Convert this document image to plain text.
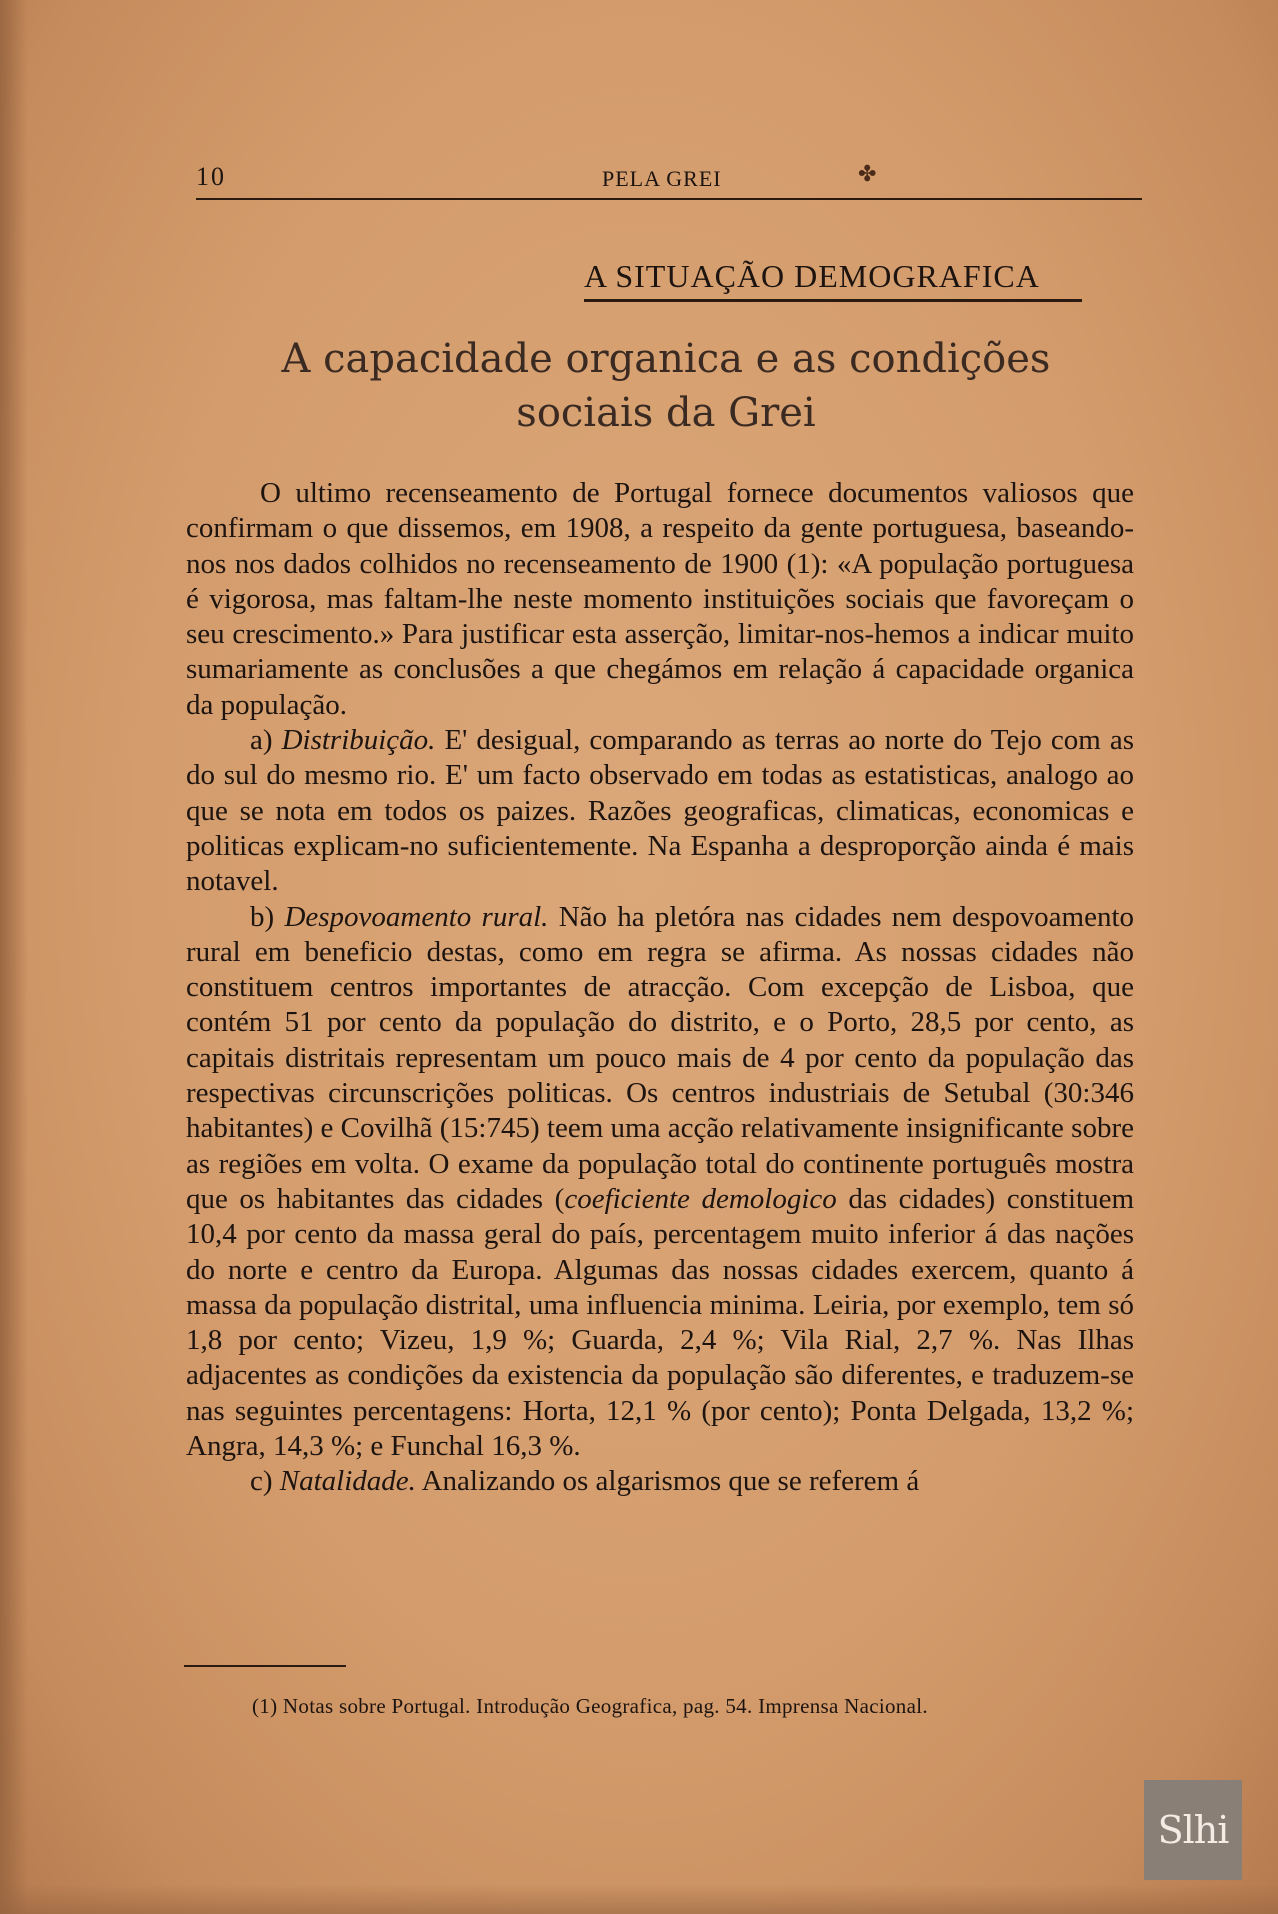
10	PELA GREI	✤
A SITUAÇÃO DEMOGRAFICA
A capacidade organica e as condições
sociais da Grei

O ultimo recenseamento de Portugal fornece documentos valiosos que confirmam o que dissemos, em 1908, a respeito da gente portuguesa, baseando-nos nos dados colhidos no recenseamento de 1900 (1): «A população portuguesa é vigorosa, mas faltam-lhe neste momento instituições sociais que favoreçam o seu crescimento.» Para justificar esta asserção, limitar-nos-hemos a indicar muito sumariamente as conclusões a que chegámos em relação á capacidade organica da população.

a) Distribuição. E' desigual, comparando as terras ao norte do Tejo com as do sul do mesmo rio. E' um facto observado em todas as estatisticas, analogo ao que se nota em todos os paizes. Razões geograficas, climaticas, economicas e politicas explicam-no suficientemente. Na Espanha a desproporção ainda é mais notavel.

b) Despovoamento rural. Não ha pletóra nas cidades nem despovoamento rural em beneficio destas, como em regra se afirma. As nossas cidades não constituem centros importantes de atracção. Com excepção de Lisboa, que contém 51 por cento da população do distrito, e o Porto, 28,5 por cento, as capitais distritais representam um pouco mais de 4 por cento da população das respectivas circunscrições politicas. Os centros industriais de Setubal (30:346 habitantes) e Covilhã (15:745) teem uma acção relativamente insignificante sobre as regiões em volta. O exame da população total do continente português mostra que os habitantes das cidades (coeficiente demologico das cidades) constituem 10,4 por cento da massa geral do país, percentagem muito inferior á das nações do norte e centro da Europa. Algumas das nossas cidades exercem, quanto á massa da população distrital, uma influencia minima. Leiria, por exemplo, tem só 1,8 por cento; Vizeu, 1,9 %; Guarda, 2,4 %; Vila Rial, 2,7 %. Nas Ilhas adjacentes as condições da existencia da população são diferentes, e traduzem-se nas seguintes percentagens: Horta, 12,1 % (por cento); Ponta Delgada, 13,2 %; Angra, 14,3 %; e Funchal 16,3 %.

c) Natalidade. Analizando os algarismos que se referem á

(1) Notas sobre Portugal. Introdução Geografica, pag. 54. Imprensa Nacional.
Slhi
